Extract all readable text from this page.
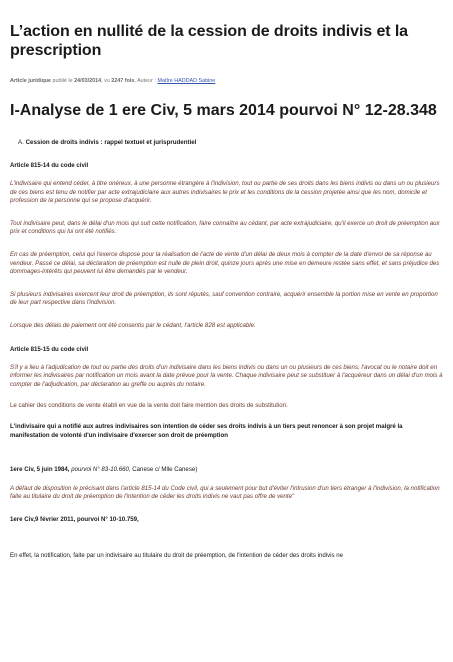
L’action en nullité de la cession de droits indivis et la prescription
Article juridique publié le 24/03/2014, vu 2247 fois, Auteur : Maître HADDAD Sabine
I-Analyse de 1 ere Civ, 5 mars 2014 pourvoi N° 12-28.348
A. Cession de droits indivis : rappel textuel et jurisprudentiel
Article 815-14 du code civil
L'indivisaire qui entend céder, à titre onéreux, à une personne étrangère à l'indivision, tout ou partie de ses droits dans les biens indivis ou dans un ou plusieurs de ces biens est tenu de notifier par acte extrajudiciaire aux autres indivisaires le prix et les conditions de la cession projetée ainsi que les nom, domicile et profession de la personne qui se propose d'acquérir.
Tout indivisaire peut, dans le délai d'un mois qui suit cette notification, faire connaître au cédant, par acte extrajudiciaire, qu'il exerce un droit de préemption aux prix et conditions qui lui ont été notifiés.
En cas de préemption, celui qui l'exerce dispose pour la réalisation de l'acte de vente d'un délai de deux mois à compter de la date d'envoi de sa réponse au vendeur. Passé ce délai, sa déclaration de préemption est nulle de plein droit, quinze jours après une mise en demeure restée sans effet, et sans préjudice des dommages-intérêts qui peuvent lui être demandés par le vendeur.
Si plusieurs indivisaires exercent leur droit de préemption, ils sont réputés, sauf convention contraire, acquérir ensemble la portion mise en vente en proportion de leur part respective dans l'indivision.
Lorsque des délais de paiement ont été consentis par le cédant, l'article 828 est applicable.
Article 815-15 du code civil
S'il y a lieu à l'adjudication de tout ou partie des droits d'un indivisaire dans les biens indivis ou dans un ou plusieurs de ces biens, l'avocat ou le notaire doit en informer les indivisaires par notification un mois avant la date prévue pour la vente. Chaque indivisaire peut se substituer à l'acquéreur dans un délai d'un mois à compter de l'adjudication, par déclaration au greffe ou auprès du notaire.
Le cahier des conditions de vente établi en vue de la vente doit faire mention des droits de substitution.
L'indivisaire qui a notifié aux autres indivisaires son intention de céder ses droits indivis à un tiers peut renoncer à son projet malgré la manifestation de volonté d'un indivisaire d'exercer son droit de préemption
1ere Civ, 5 juin 1984, pourvoi N° 83-10.660, Canese c/ Mlle Canese)
A défaut de disposition le précisant dans l'article 815-14 du Code civil, qui a seulement pour but d'éviter l'intrusion d'un tiers étranger à l'indivision, la notification faite au titulaire du droit de préemption de l'intention de céder les droits indivis ne vaut pas offre de vente"
1ere Civ,9 février 2011, pourvoi N° 10-10.759,
En effet, la notification, faite par un indivisaire au titulaire du droit de préemption, de l'intention de céder des droits indivis ne
